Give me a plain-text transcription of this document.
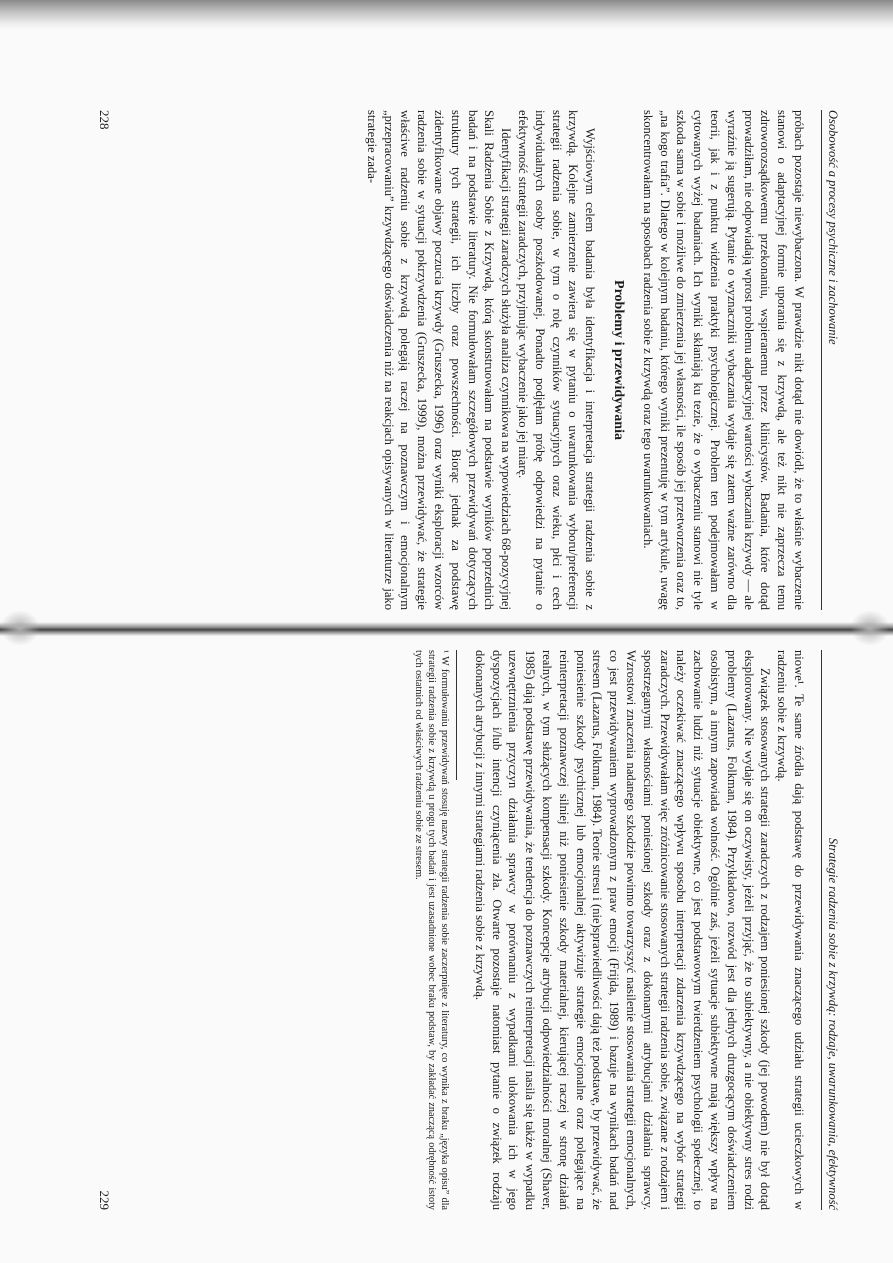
Osobowość a procesy psychiczne i zachowanie

próbach pozostaje niewybaczona. W prawdzie nikt dotąd nie dowiódł, że to właśnie wybaczenie stanowi o adaptacyjnej formie uporania się z krzywdą, ale też nikt nie zaprzecza temu zdroworozsądkowemu przekonaniu, wspieranemu przez klinicystów. Badania, które dotąd prowadziłam, nie odpowiadają wprost problemu adaptacyjnej wartości wybaczania krzywdy — ale wyraźnie ją sugerują. Pytanie o wyznaczniki wybaczania wydaje się zatem ważne zarówno dla teorii, jak i z punktu widzenia praktyki psychologicznej. Problem ten podejmowałam w cytowanych wyżej badaniach. Ich wyniki skłaniają ku tezie, że o wybaczeniu stanowi nie tyle szkoda sama w sobie i możliwe do zmierzenia jej własności, ile sposób jej przetworzenia oraz to, „na kogo trafia”. Dlatego w kolejnym badaniu, którego wyniki prezentuję w tym artykule, uwagę skoncentrowałam na sposobach radzenia sobie z krzywdą oraz tego uwarunkowaniach.

Problemy i przewidywania

Wyjściowym celem badania była identyfikacja i interpretacja strategii radzenia sobie z krzywdą. Kolejne zamierzenie zawiera się w pytaniu o uwarunkowania wyboru/preferencji strategii radzenia sobie, w tym o rolę czynników sytuacyjnych oraz wieku, płci i cech indywidualnych osoby poszkodowanej. Ponadto podjęłam próbę odpowiedzi na pytanie o efektywność strategii zaradczych, przyjmując wybaczenie jako jej miarę.

Identyfikacji strategii zaradczych służyła analiza czynnikowa na wypowiedziach 68-pozycyjnej Skali Radzenia Sobie z Krzywdą, którą skonstruowałam na podstawie wyników poprzednich badań i na podstawie literatury. Nie formułowałam szczegółowych przewidywań dotyczących struktury tych strategii, ich liczby oraz powszechności. Biorąc jednak za podstawę zidentyfikowane objawy poczucia krzywdy (Gruszecka, 1996) oraz wyniki eksploracji wzorców radzenia sobie w sytuacji pokrzywdzenia (Gruszecka, 1999), można przewidywać, że strategie właściwe radzeniu sobie z krzywdą polegają raczej na poznawczym i emocjonalnym „przepracowaniu” krzywdzącego doświadczenia niż na reakcjach opisywanych w literaturze jako strategie zada-

228
Strategie radzenia sobie z krzywdą: rodzaje, uwarunkowania, efektywność

niowe¹. Te same źródła dają podstawę do przewidywania znaczącego udziału strategii ucieczkowych w radzeniu sobie z krzywdą.

Związek stosowanych strategii zaradczych z rodzajem poniesionej szkody (jej powodem) nie był dotąd eksplorowany. Nie wydaje się on oczywisty, jeżeli przyjąć, że to subiektywny, a nie obiektywny stres rodzi problemy (Lazarus, Folkman, 1984). Przykładowo, rozwód jest dla jednych druzgocącym doświadczeniem osobistym, a innym zapowiada wolność. Ogólnie zaś, jeżeli sytuacje subiektywne mają większy wpływ na zachowanie ludzi niż sytuacje obiektywne, co jest podstawowym twierdzeniem psychologii społecznej, to należy oczekiwać znaczącego wpływu sposobu interpretacji zdarzenia krzywdzącego na wybór strategii zaradczych. Przewidywałam więc zróżnicowanie stosowanych strategii radzenia sobie, związane z rodzajem i spostrzeganymi własnościami poniesionej szkody oraz z dokonanymi atrybucjami działania sprawcy. Wzrostowi znaczenia nadanego szkodzie powinno towarzyszyć nasilenie stosowania strategii emocjonalnych, co jest przewidywaniem wyprowadzonym z praw emocji (Frijda, 1989) i bazuje na wynikach badań nad stresem (Lazarus, Folkman, 1984). Teorie stresu i (nie)sprawiedliwości dają też podstawę, by przewidywać, że poniesienie szkody psychicznej lub emocjonalnej aktywizuje strategie emocjonalne oraz polegające na reinterpretacji poznawczej silniej niż poniesienie szkody materialnej, kierującej raczej w stronę działań realnych, w tym służących kompensacji szkody. Koncepcje atrybucji odpowiedzialności moralnej (Shaver, 1985) dają podstawę przewidywania, że tendencja do poznawczych reinterpretacji nasila się także w wypadku uzewnętrznienia przyczyn działania sprawcy w porównaniu z wypadkami ulokowania ich w jego dyspozycjach i/lub intencji czyniącenia zła. Otwarte pozostaje natomiast pytanie o związek rodzaju dokonanych atrybucji z innymi strategiami radzenia sobie z krzywdą.

¹ W formułowaniu przewidywań stosuję nazwy strategii radzenia sobie zaczerpnięte z literatury, co wynika z braku „języka opisu” dla strategii radzenia sobie z krzywdą u progu tych badań i jest uzasadnione wobec braku podstaw, by zakładać znaczącą odrębność istoty tych ostatnich od właściwych radzeniu sobie ze stresem.
229
